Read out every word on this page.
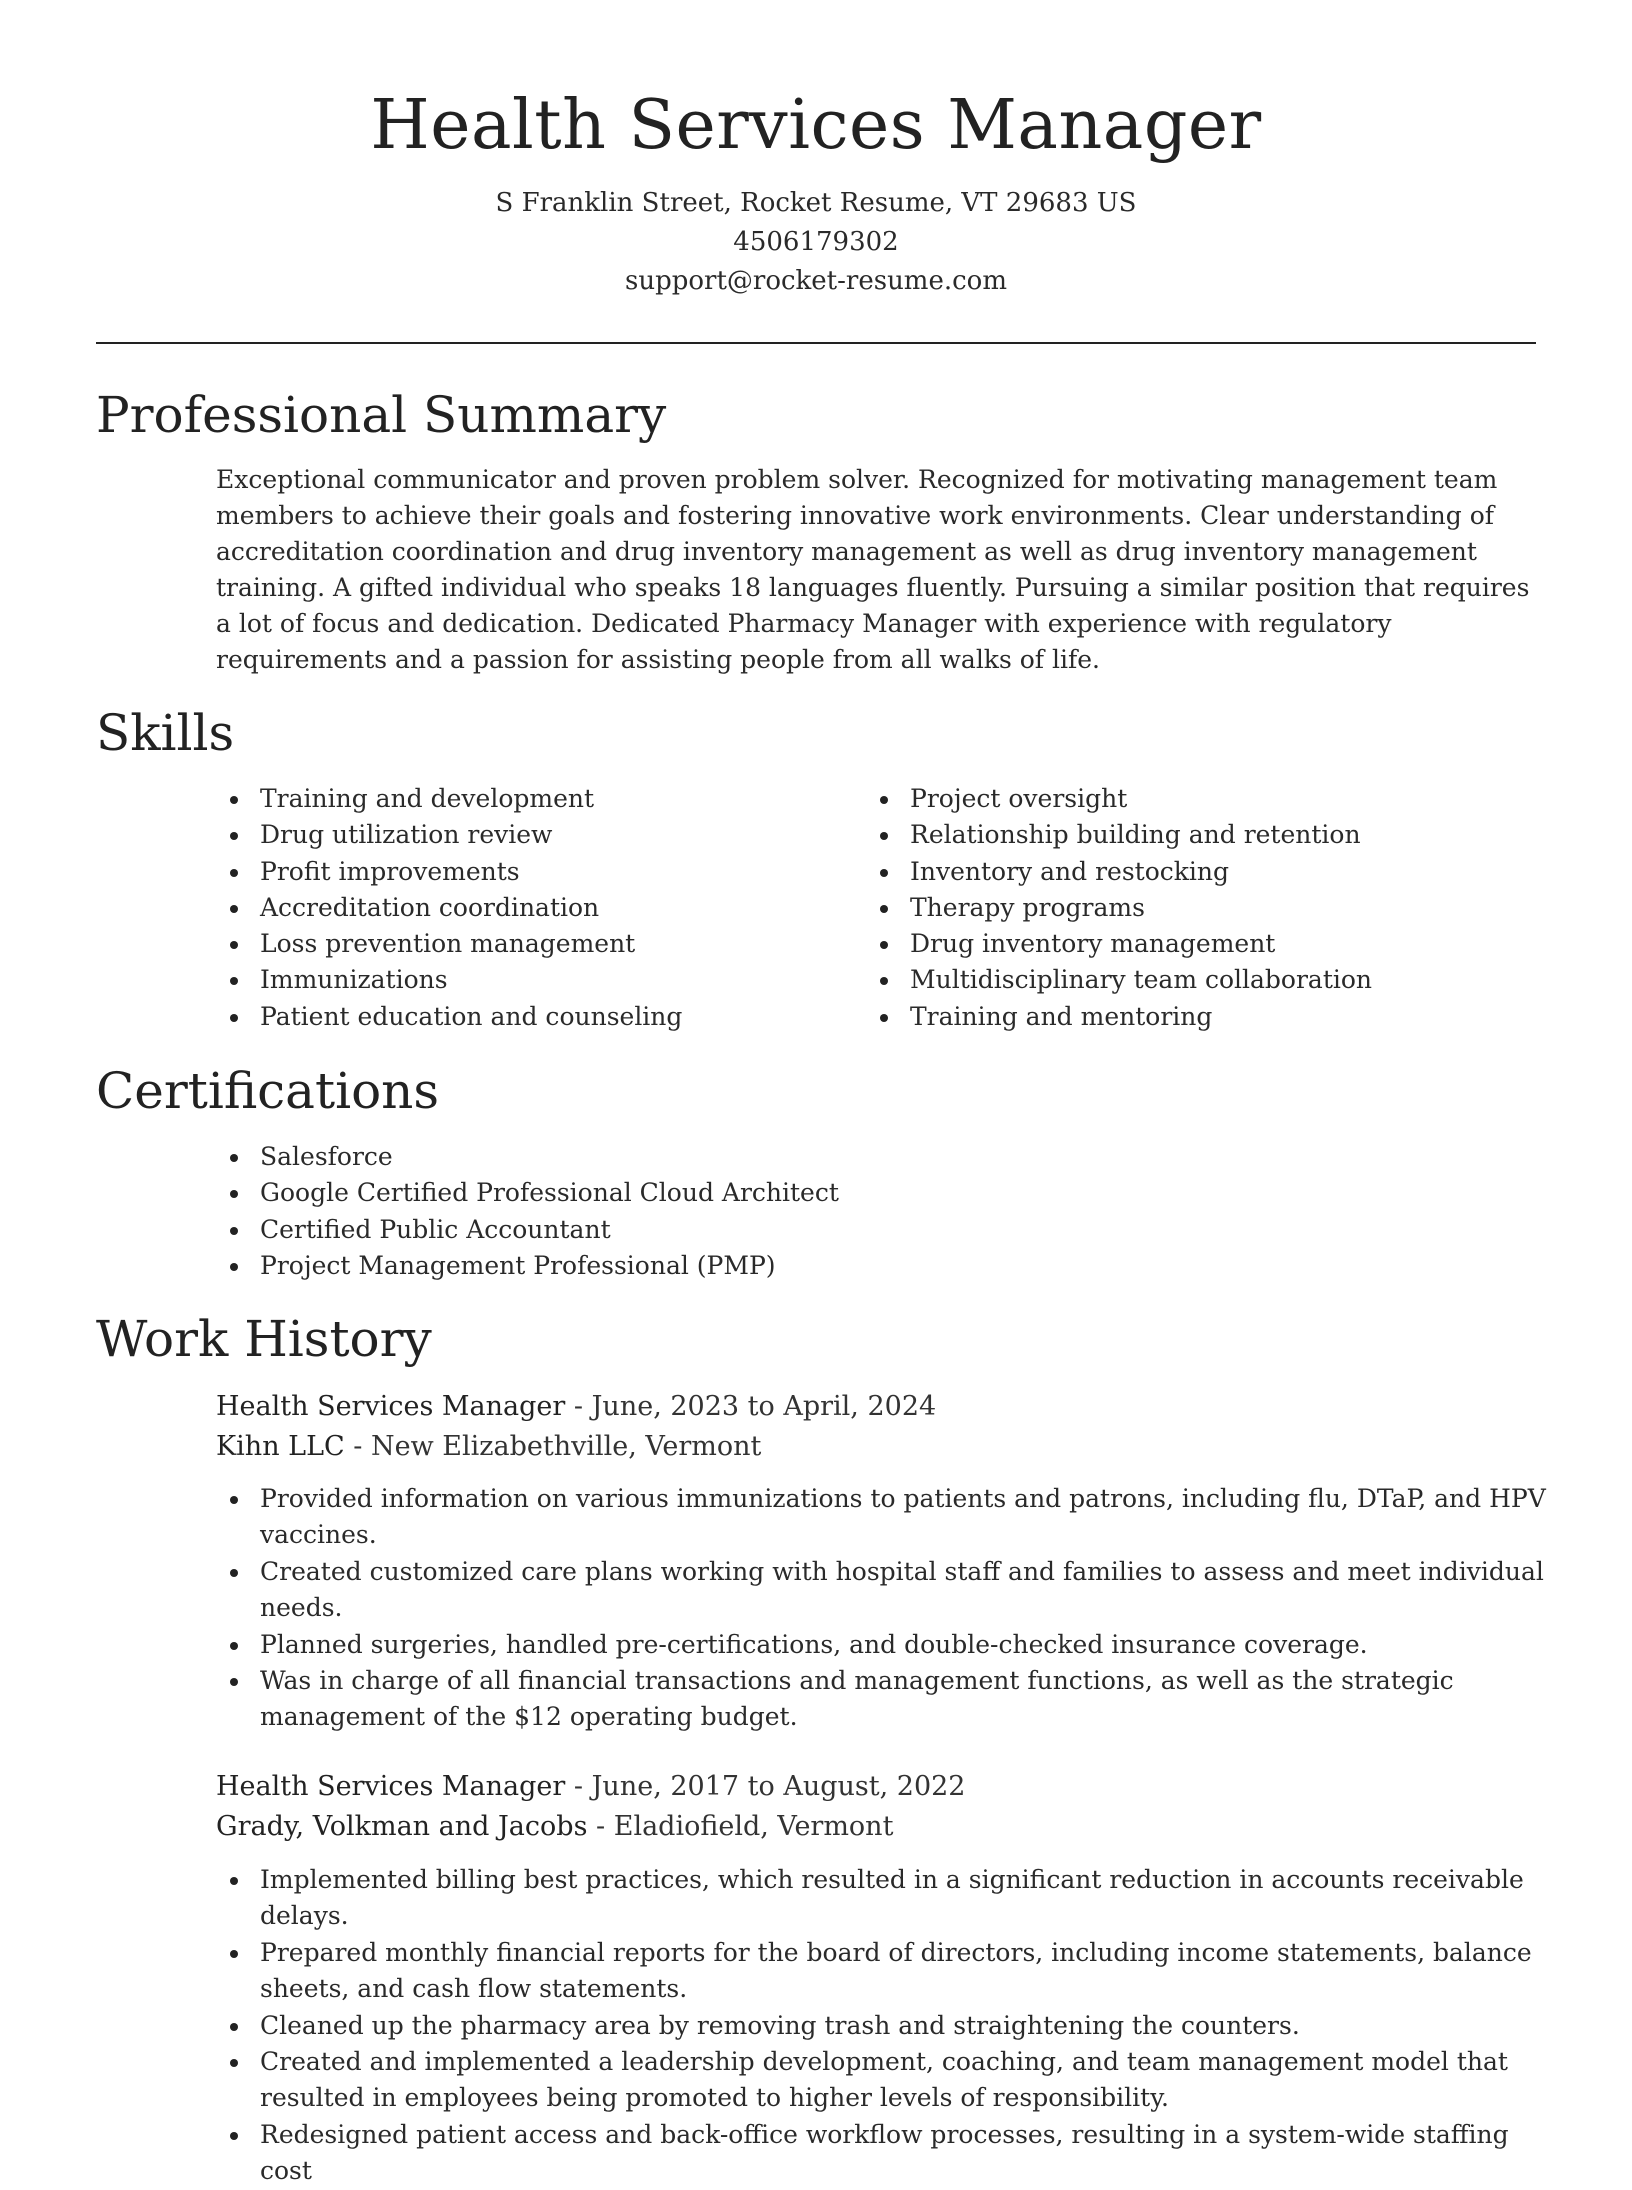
Health Services Manager
S Franklin Street, Rocket Resume, VT 29683 US
4506179302
support@rocket-resume.com
Professional Summary

Exceptional communicator and proven problem solver. Recognized for motivating management team members to achieve their goals and fostering innovative work environments. Clear understanding of accreditation coordination and drug inventory management as well as drug inventory management training. A gifted individual who speaks 18 languages fluently. Pursuing a similar position that requires a lot of focus and dedication. Dedicated Pharmacy Manager with experience with regulatory requirements and a passion for assisting people from all walks of life.

Skills
Training and development
Drug utilization review
Profit improvements
Accreditation coordination
Loss prevention management
Immunizations
Patient education and counseling
Project oversight
Relationship building and retention
Inventory and restocking
Therapy programs
Drug inventory management
Multidisciplinary team collaboration
Training and mentoring
Certifications
Salesforce
Google Certified Professional Cloud Architect
Certified Public Accountant
Project Management Professional (PMP)
Work History
Health Services Manager - June, 2023 to April, 2024
Kihn LLC - New Elizabethville, Vermont
Provided information on various immunizations to patients and patrons, including flu, DTaP, and HPV vaccines.
Created customized care plans working with hospital staff and families to assess and meet individual needs.
Planned surgeries, handled pre-certifications, and double-checked insurance coverage.
Was in charge of all financial transactions and management functions, as well as the strategic management of the $12 operating budget.
Health Services Manager - June, 2017 to August, 2022
Grady, Volkman and Jacobs - Eladiofield, Vermont
Implemented billing best practices, which resulted in a significant reduction in accounts receivable delays.
Prepared monthly financial reports for the board of directors, including income statements, balance sheets, and cash flow statements.
Cleaned up the pharmacy area by removing trash and straightening the counters.
Created and implemented a leadership development, coaching, and team management model that resulted in employees being promoted to higher levels of responsibility.
Redesigned patient access and back-office workflow processes, resulting in a system-wide staffing cost
